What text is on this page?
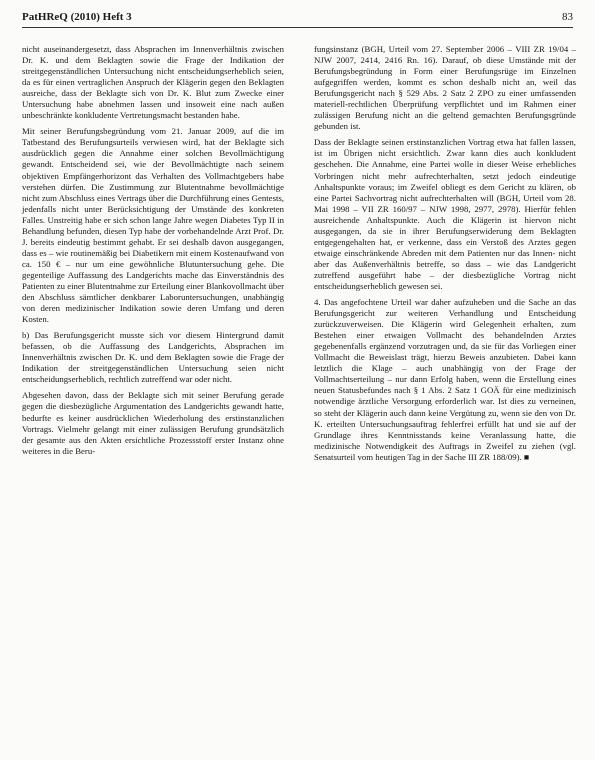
PatHReQ (2010) Heft 3	83

nicht auseinandergesetzt, dass Absprachen im Innenverhältnis zwischen Dr. K. und dem Beklagten sowie die Frage der Indikation der streitgegenständlichen Untersuchung nicht entscheidungserheblich seien, da es für einen vertraglichen Anspruch der Klägerin gegen den Beklagten ausreiche, dass der Beklagte sich von Dr. K. Blut zum Zwecke einer Untersuchung habe abnehmen lassen und insoweit eine nach außen unbeschränkte konkludente Vertretungsmacht bestanden habe.

Mit seiner Berufungsbegründung vom 21. Januar 2009, auf die im Tatbestand des Berufungsurteils verwiesen wird, hat der Beklagte sich ausdrücklich gegen die Annahme einer solchen Bevollmächtigung gewandt. Entscheidend sei, wie der Bevollmächtigte nach seinem objektiven Empfängerhorizont das Verhalten des Vollmachtgebers habe verstehen dürfen. Die Zustimmung zur Blutentnahme bevollmächtige nicht zum Abschluss eines Vertrags über die Durchführung eines Gentests, jedenfalls nicht unter Berücksichtigung der Umstände des konkreten Falles. Unstreitig habe er sich schon lange Jahre wegen Diabetes Typ II in Behandlung befunden, diesen Typ habe der vorbehandelnde Arzt Prof. Dr. J. bereits eindeutig bestimmt gehabt. Er sei deshalb davon ausgegangen, dass es – wie routinemäßig bei Diabetikern mit einem Kostenaufwand von ca. 150 € – nur um eine gewöhnliche Blutuntersuchung gehe. Die gegenteilige Auffassung des Landgerichts mache das Einverständnis des Patienten zu einer Blutentnahme zur Erteilung einer Blankovollmacht über den Abschluss sämtlicher denkbarer Laboruntersuchungen, unabhängig von deren medizinischer Indikation sowie deren Umfang und deren Kosten.

b) Das Berufungsgericht musste sich vor diesem Hintergrund damit befassen, ob die Auffassung des Landgerichts, Absprachen im Innenverhältnis zwischen Dr. K. und dem Beklagten sowie die Frage der Indikation der streitgegenständlichen Untersuchung seien nicht entscheidungserheblich, rechtlich zutreffend war oder nicht.

Abgesehen davon, dass der Beklagte sich mit seiner Berufung gerade gegen die diesbezügliche Argumentation des Landgerichts gewandt hatte, bedurfte es keiner ausdrücklichen Wiederholung des erstinstanzlichen Vortrags. Vielmehr gelangt mit einer zulässigen Berufung grundsätzlich der gesamte aus den Akten ersichtliche Prozessstoff erster Instanz ohne weiteres in die Beru-

fungsinstanz (BGH, Urteil vom 27. September 2006 – VIII ZR 19/04 – NJW 2007, 2414, 2416 Rn. 16). Darauf, ob diese Umstände mit der Berufungsbegründung in Form einer Berufungsrüge im Einzelnen aufgegriffen werden, kommt es schon deshalb nicht an, weil das Berufungsgericht nach § 529 Abs. 2 Satz 2 ZPO zu einer umfassenden materiell-rechtlichen Überprüfung verpflichtet und im Rahmen einer zulässigen Berufung nicht an die geltend gemachten Berufungsgründe gebunden ist.

Dass der Beklagte seinen erstinstanzlichen Vortrag etwa hat fallen lassen, ist im Übrigen nicht ersichtlich. Zwar kann dies auch konkludent geschehen. Die Annahme, eine Partei wolle in dieser Weise erhebliches Vorbringen nicht mehr aufrechterhalten, setzt jedoch eindeutige Anhaltspunkte voraus; im Zweifel obliegt es dem Gericht zu klären, ob eine Partei Sachvortrag nicht aufrechterhalten will (BGH, Urteil vom 28. Mai 1998 – VII ZR 160/97 – NJW 1998, 2977, 2978). Hierfür fehlen ausreichende Anhaltspunkte. Auch die Klägerin ist hiervon nicht ausgegangen, da sie in ihrer Berufungserwiderung dem Beklagten entgegengehalten hat, er verkenne, dass ein Verstoß des Arztes gegen etwaige einschränkende Abreden mit dem Patienten nur das Innen- nicht aber das Außenverhältnis betreffe, so dass – wie das Landgericht zutreffend ausgeführt habe – der diesbezügliche Vortrag nicht entscheidungserheblich gewesen sei.

4. Das angefochtene Urteil war daher aufzuheben und die Sache an das Berufungsgericht zur weiteren Verhandlung und Entscheidung zurückzuverweisen. Die Klägerin wird Gelegenheit erhalten, zum Bestehen einer etwaigen Vollmacht des behandelnden Arztes gegebenenfalls ergänzend vorzutragen und, da sie für das Vorliegen einer Vollmacht die Beweislast trägt, hierzu Beweis anzubieten. Dabei kann letztlich die Klage – auch unabhängig von der Frage der Vollmachtserteilung – nur dann Erfolg haben, wenn die Erstellung eines neuen Statusbefundes nach § 1 Abs. 2 Satz 1 GOÄ für eine medizinisch notwendige ärztliche Versorgung erforderlich war. Ist dies zu verneinen, so steht der Klägerin auch dann keine Vergütung zu, wenn sie den von Dr. K. erteilten Untersuchungsauftrag fehlerfrei erfüllt hat und sie auf der Grundlage ihres Kenntnisstands keine Veranlassung hatte, die medizinische Notwendigkeit des Auftrags in Zweifel zu ziehen (vgl. Senatsurteil vom heutigen Tag in der Sache III ZR 188/09). ■
